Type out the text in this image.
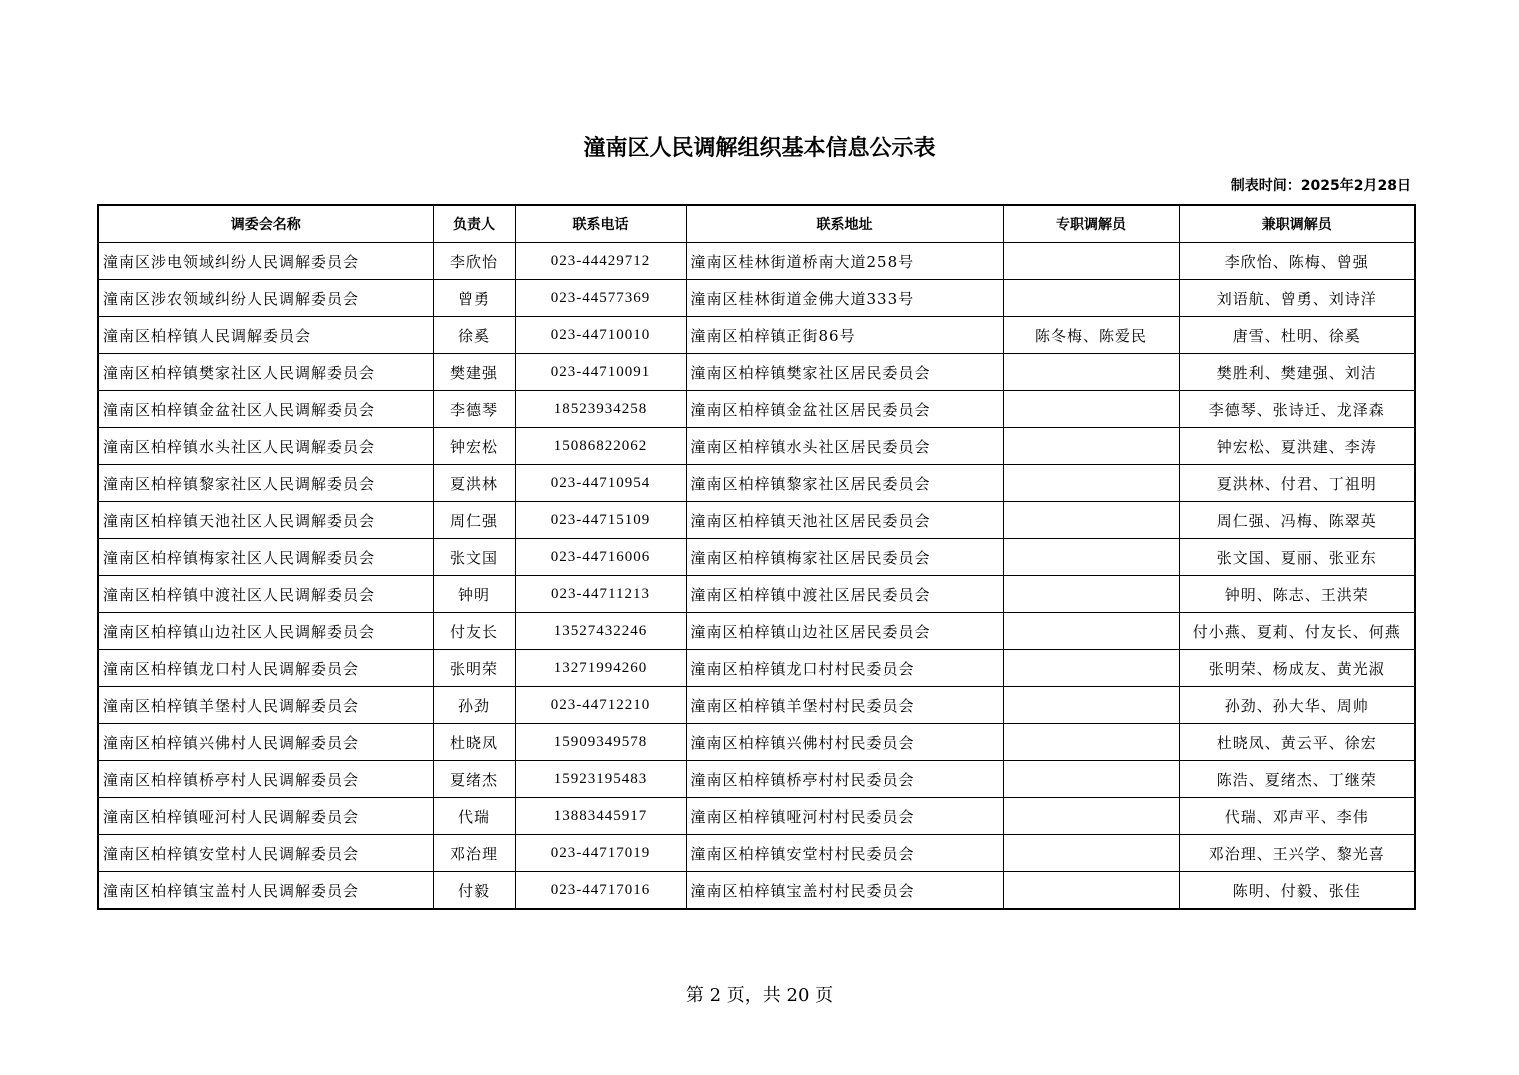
潼南区人民调解组织基本信息公示表
制表时间：2025年2月28日
调委会名称	负责人	联系电话	联系地址	专职调解员	兼职调解员
潼南区涉电领域纠纷人民调解委员会	李欣怡	023-44429712	潼南区桂林街道桥南大道258号		李欣怡、陈梅、曾强
潼南区涉农领域纠纷人民调解委员会	曾勇	023-44577369	潼南区桂林街道金佛大道333号		刘语航、曾勇、刘诗洋
潼南区柏梓镇人民调解委员会	徐奚	023-44710010	潼南区柏梓镇正街86号	陈冬梅、陈爱民	唐雪、杜明、徐奚
潼南区柏梓镇樊家社区人民调解委员会	樊建强	023-44710091	潼南区柏梓镇樊家社区居民委员会		樊胜利、樊建强、刘洁
潼南区柏梓镇金盆社区人民调解委员会	李德琴	18523934258	潼南区柏梓镇金盆社区居民委员会		李德琴、张诗迁、龙泽森
潼南区柏梓镇水头社区人民调解委员会	钟宏松	15086822062	潼南区柏梓镇水头社区居民委员会		钟宏松、夏洪建、李涛
潼南区柏梓镇黎家社区人民调解委员会	夏洪林	023-44710954	潼南区柏梓镇黎家社区居民委员会		夏洪林、付君、丁祖明
潼南区柏梓镇天池社区人民调解委员会	周仁强	023-44715109	潼南区柏梓镇天池社区居民委员会		周仁强、冯梅、陈翠英
潼南区柏梓镇梅家社区人民调解委员会	张文国	023-44716006	潼南区柏梓镇梅家社区居民委员会		张文国、夏丽、张亚东
潼南区柏梓镇中渡社区人民调解委员会	钟明	023-44711213	潼南区柏梓镇中渡社区居民委员会		钟明、陈志、王洪荣
潼南区柏梓镇山边社区人民调解委员会	付友长	13527432246	潼南区柏梓镇山边社区居民委员会		付小燕、夏莉、付友长、何燕
潼南区柏梓镇龙口村人民调解委员会	张明荣	13271994260	潼南区柏梓镇龙口村村民委员会		张明荣、杨成友、黄光淑
潼南区柏梓镇羊堡村人民调解委员会	孙劲	023-44712210	潼南区柏梓镇羊堡村村民委员会		孙劲、孙大华、周帅
潼南区柏梓镇兴佛村人民调解委员会	杜晓凤	15909349578	潼南区柏梓镇兴佛村村民委员会		杜晓凤、黄云平、徐宏
潼南区柏梓镇桥亭村人民调解委员会	夏绪杰	15923195483	潼南区柏梓镇桥亭村村民委员会		陈浩、夏绪杰、丁继荣
潼南区柏梓镇哑河村人民调解委员会	代瑞	13883445917	潼南区柏梓镇哑河村村民委员会		代瑞、邓声平、李伟
潼南区柏梓镇安堂村人民调解委员会	邓治理	023-44717019	潼南区柏梓镇安堂村村民委员会		邓治理、王兴学、黎光喜
潼南区柏梓镇宝盖村人民调解委员会	付毅	023-44717016	潼南区柏梓镇宝盖村村民委员会		陈明、付毅、张佳
第 2 页，共 20 页
